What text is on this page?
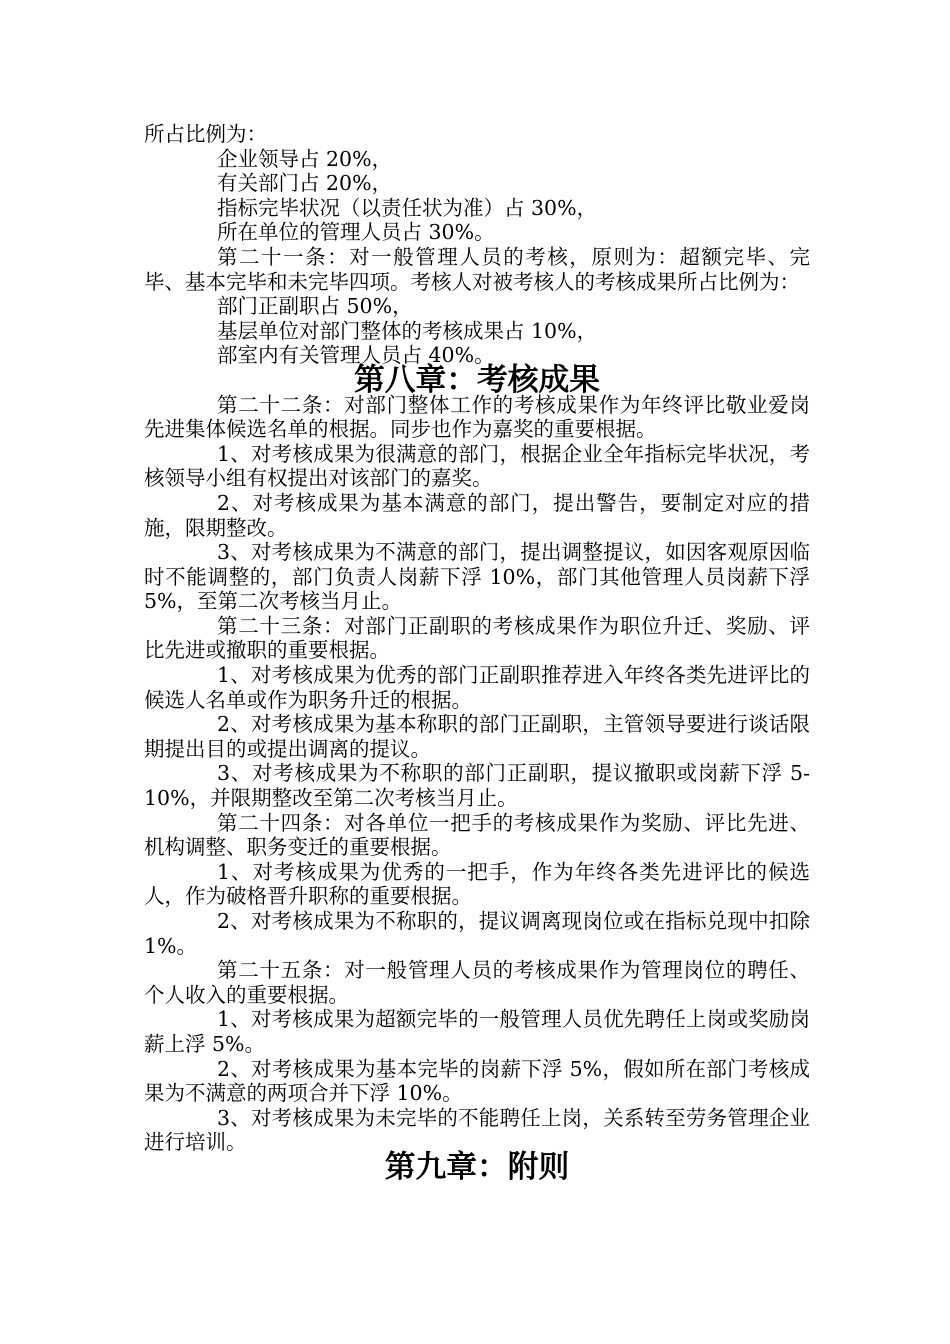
所占比例为：

企业领导占 20%，

有关部门占 20%，

指标完毕状况（以责任状为准）占 30%，

所在单位的管理人员占 30%。

第二十一条：对一般管理人员的考核，原则为：超额完毕、完毕、基本完毕和未完毕四项。考核人对被考核人的考核成果所占比例为：

部门正副职占 50%，

基层单位对部门整体的考核成果占 10%，

部室内有关管理人员占 40%。

第八章：考核成果

第二十二条：对部门整体工作的考核成果作为年终评比敬业爱岗先进集体候选名单的根据。同步也作为嘉奖的重要根据。

1、对考核成果为很满意的部门，根据企业全年指标完毕状况，考核领导小组有权提出对该部门的嘉奖。

2、对考核成果为基本满意的部门，提出警告，要制定对应的措施，限期整改。

3、对考核成果为不满意的部门，提出调整提议，如因客观原因临时不能调整的，部门负责人岗薪下浮 10%，部门其他管理人员岗薪下浮 5%，至第二次考核当月止。

第二十三条：对部门正副职的考核成果作为职位升迁、奖励、评比先进或撤职的重要根据。

1、对考核成果为优秀的部门正副职推荐进入年终各类先进评比的候选人名单或作为职务升迁的根据。

2、对考核成果为基本称职的部门正副职，主管领导要进行谈话限期提出目的或提出调离的提议。

3、对考核成果为不称职的部门正副职，提议撤职或岗薪下浮 5-10%，并限期整改至第二次考核当月止。

第二十四条：对各单位一把手的考核成果作为奖励、评比先进、机构调整、职务变迁的重要根据。

1、对考核成果为优秀的一把手，作为年终各类先进评比的候选人，作为破格晋升职称的重要根据。

2、对考核成果为不称职的，提议调离现岗位或在指标兑现中扣除 1%。

第二十五条：对一般管理人员的考核成果作为管理岗位的聘任、个人收入的重要根据。

1、对考核成果为超额完毕的一般管理人员优先聘任上岗或奖励岗薪上浮 5%。

2、对考核成果为基本完毕的岗薪下浮 5%，假如所在部门考核成果为不满意的两项合并下浮 10%。

3、对考核成果为未完毕的不能聘任上岗，关系转至劳务管理企业进行培训。

第九章：附则
